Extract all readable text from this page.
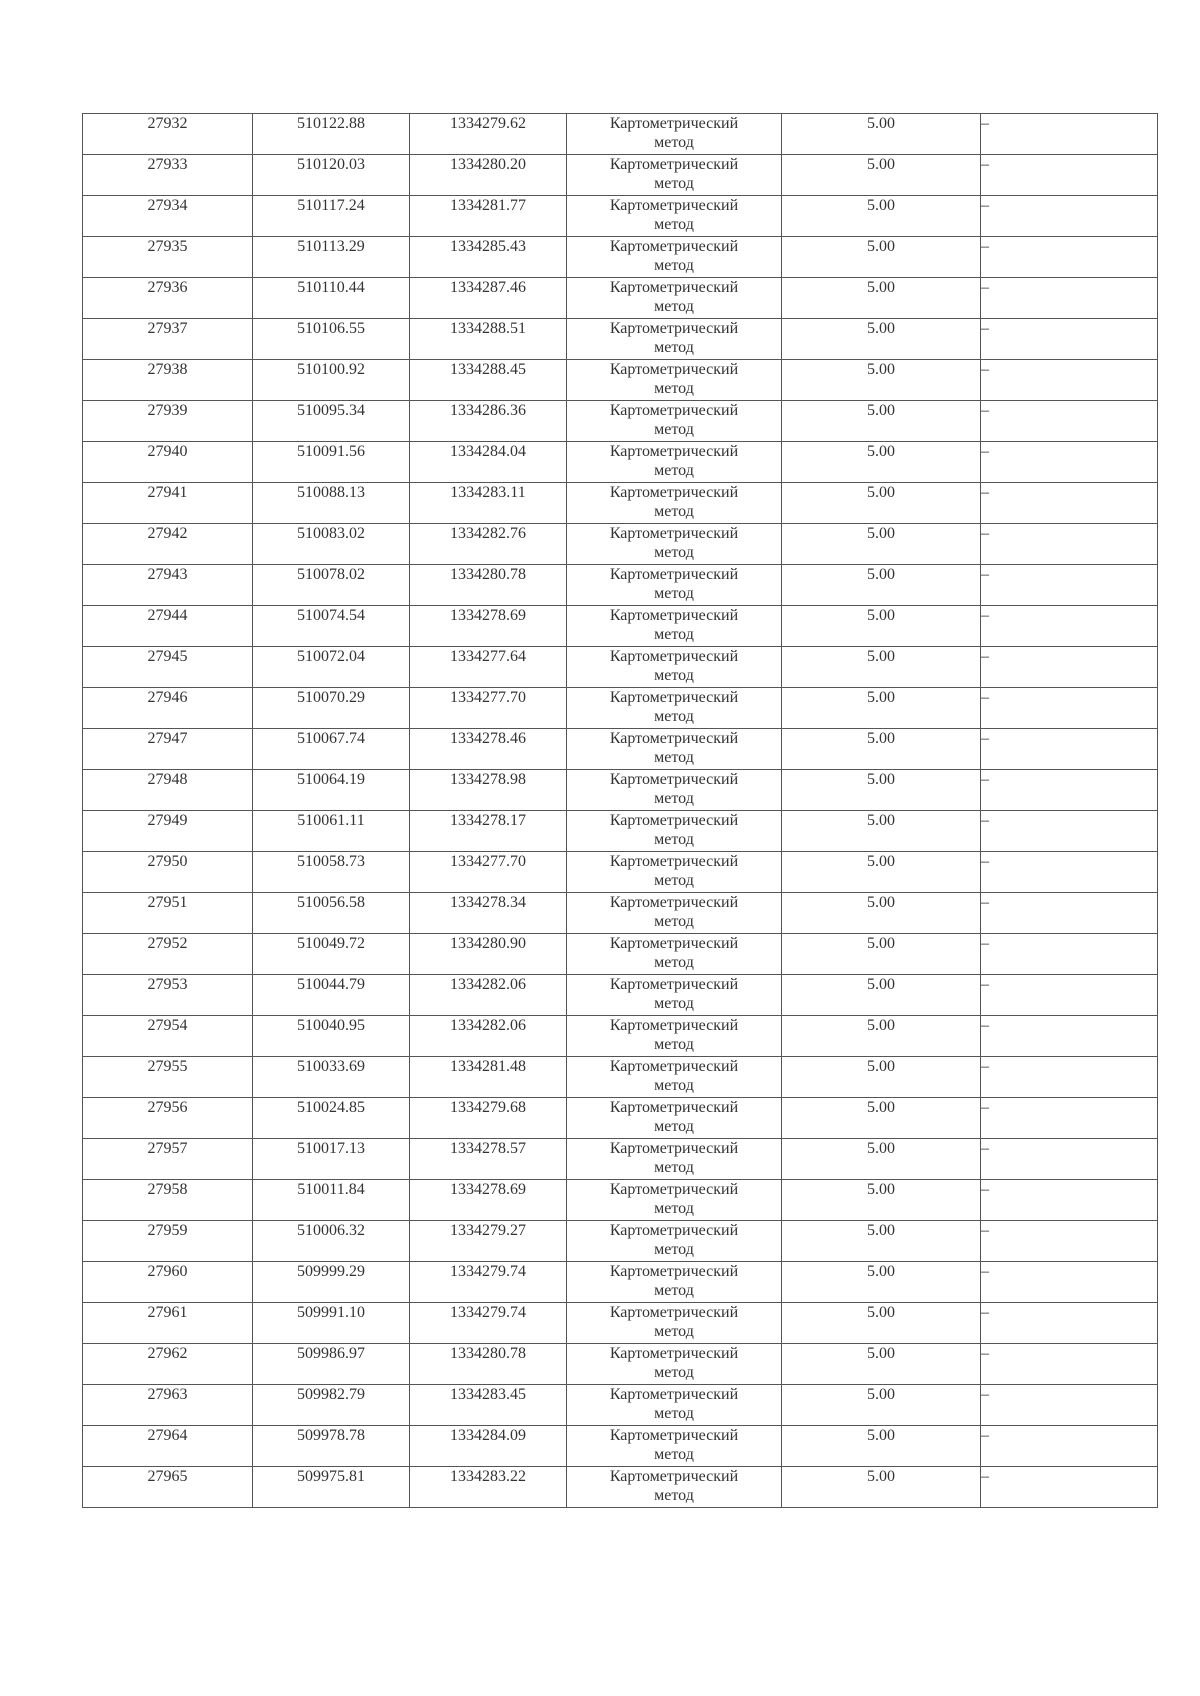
27932	510122.88	1334279.62	Картометрический
метод	5.00	–
27933	510120.03	1334280.20	Картометрический
метод	5.00	–
27934	510117.24	1334281.77	Картометрический
метод	5.00	–
27935	510113.29	1334285.43	Картометрический
метод	5.00	–
27936	510110.44	1334287.46	Картометрический
метод	5.00	–
27937	510106.55	1334288.51	Картометрический
метод	5.00	–
27938	510100.92	1334288.45	Картометрический
метод	5.00	–
27939	510095.34	1334286.36	Картометрический
метод	5.00	–
27940	510091.56	1334284.04	Картометрический
метод	5.00	–
27941	510088.13	1334283.11	Картометрический
метод	5.00	–
27942	510083.02	1334282.76	Картометрический
метод	5.00	–
27943	510078.02	1334280.78	Картометрический
метод	5.00	–
27944	510074.54	1334278.69	Картометрический
метод	5.00	–
27945	510072.04	1334277.64	Картометрический
метод	5.00	–
27946	510070.29	1334277.70	Картометрический
метод	5.00	–
27947	510067.74	1334278.46	Картометрический
метод	5.00	–
27948	510064.19	1334278.98	Картометрический
метод	5.00	–
27949	510061.11	1334278.17	Картометрический
метод	5.00	–
27950	510058.73	1334277.70	Картометрический
метод	5.00	–
27951	510056.58	1334278.34	Картометрический
метод	5.00	–
27952	510049.72	1334280.90	Картометрический
метод	5.00	–
27953	510044.79	1334282.06	Картометрический
метод	5.00	–
27954	510040.95	1334282.06	Картометрический
метод	5.00	–
27955	510033.69	1334281.48	Картометрический
метод	5.00	–
27956	510024.85	1334279.68	Картометрический
метод	5.00	–
27957	510017.13	1334278.57	Картометрический
метод	5.00	–
27958	510011.84	1334278.69	Картометрический
метод	5.00	–
27959	510006.32	1334279.27	Картометрический
метод	5.00	–
27960	509999.29	1334279.74	Картометрический
метод	5.00	–
27961	509991.10	1334279.74	Картометрический
метод	5.00	–
27962	509986.97	1334280.78	Картометрический
метод	5.00	–
27963	509982.79	1334283.45	Картометрический
метод	5.00	–
27964	509978.78	1334284.09	Картометрический
метод	5.00	–
27965	509975.81	1334283.22	Картометрический
метод	5.00	–
